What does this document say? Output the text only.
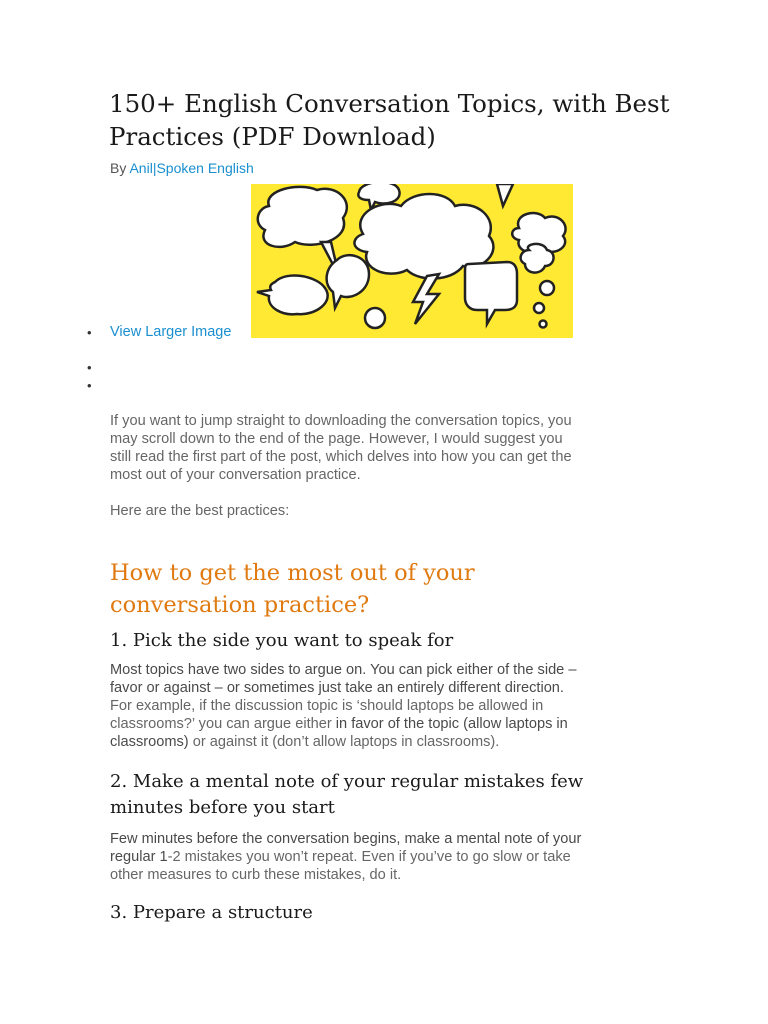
150+ English Conversation Topics, with Best Practices (PDF Download)
By Anil|Spoken English
• View Larger Image
•
•
If you want to jump straight to downloading the conversation topics, you
may scroll down to the end of the page. However, I would suggest you
still read the first part of the post, which delves into how you can get the
most out of your conversation practice.
Here are the best practices:
How to get the most out of your
conversation practice?
1. Pick the side you want to speak for
Most topics have two sides to argue on. You can pick either of the side –
favor or against – or sometimes just take an entirely different direction.
For example, if the discussion topic is ‘should laptops be allowed in
classrooms?’ you can argue either in favor of the topic (allow laptops in
classrooms) or against it (don’t allow laptops in classrooms).
2. Make a mental note of your regular mistakes few
minutes before you start
Few minutes before the conversation begins, make a mental note of your
regular 1-2 mistakes you won’t repeat. Even if you’ve to go slow or take
other measures to curb these mistakes, do it.
3. Prepare a structure
